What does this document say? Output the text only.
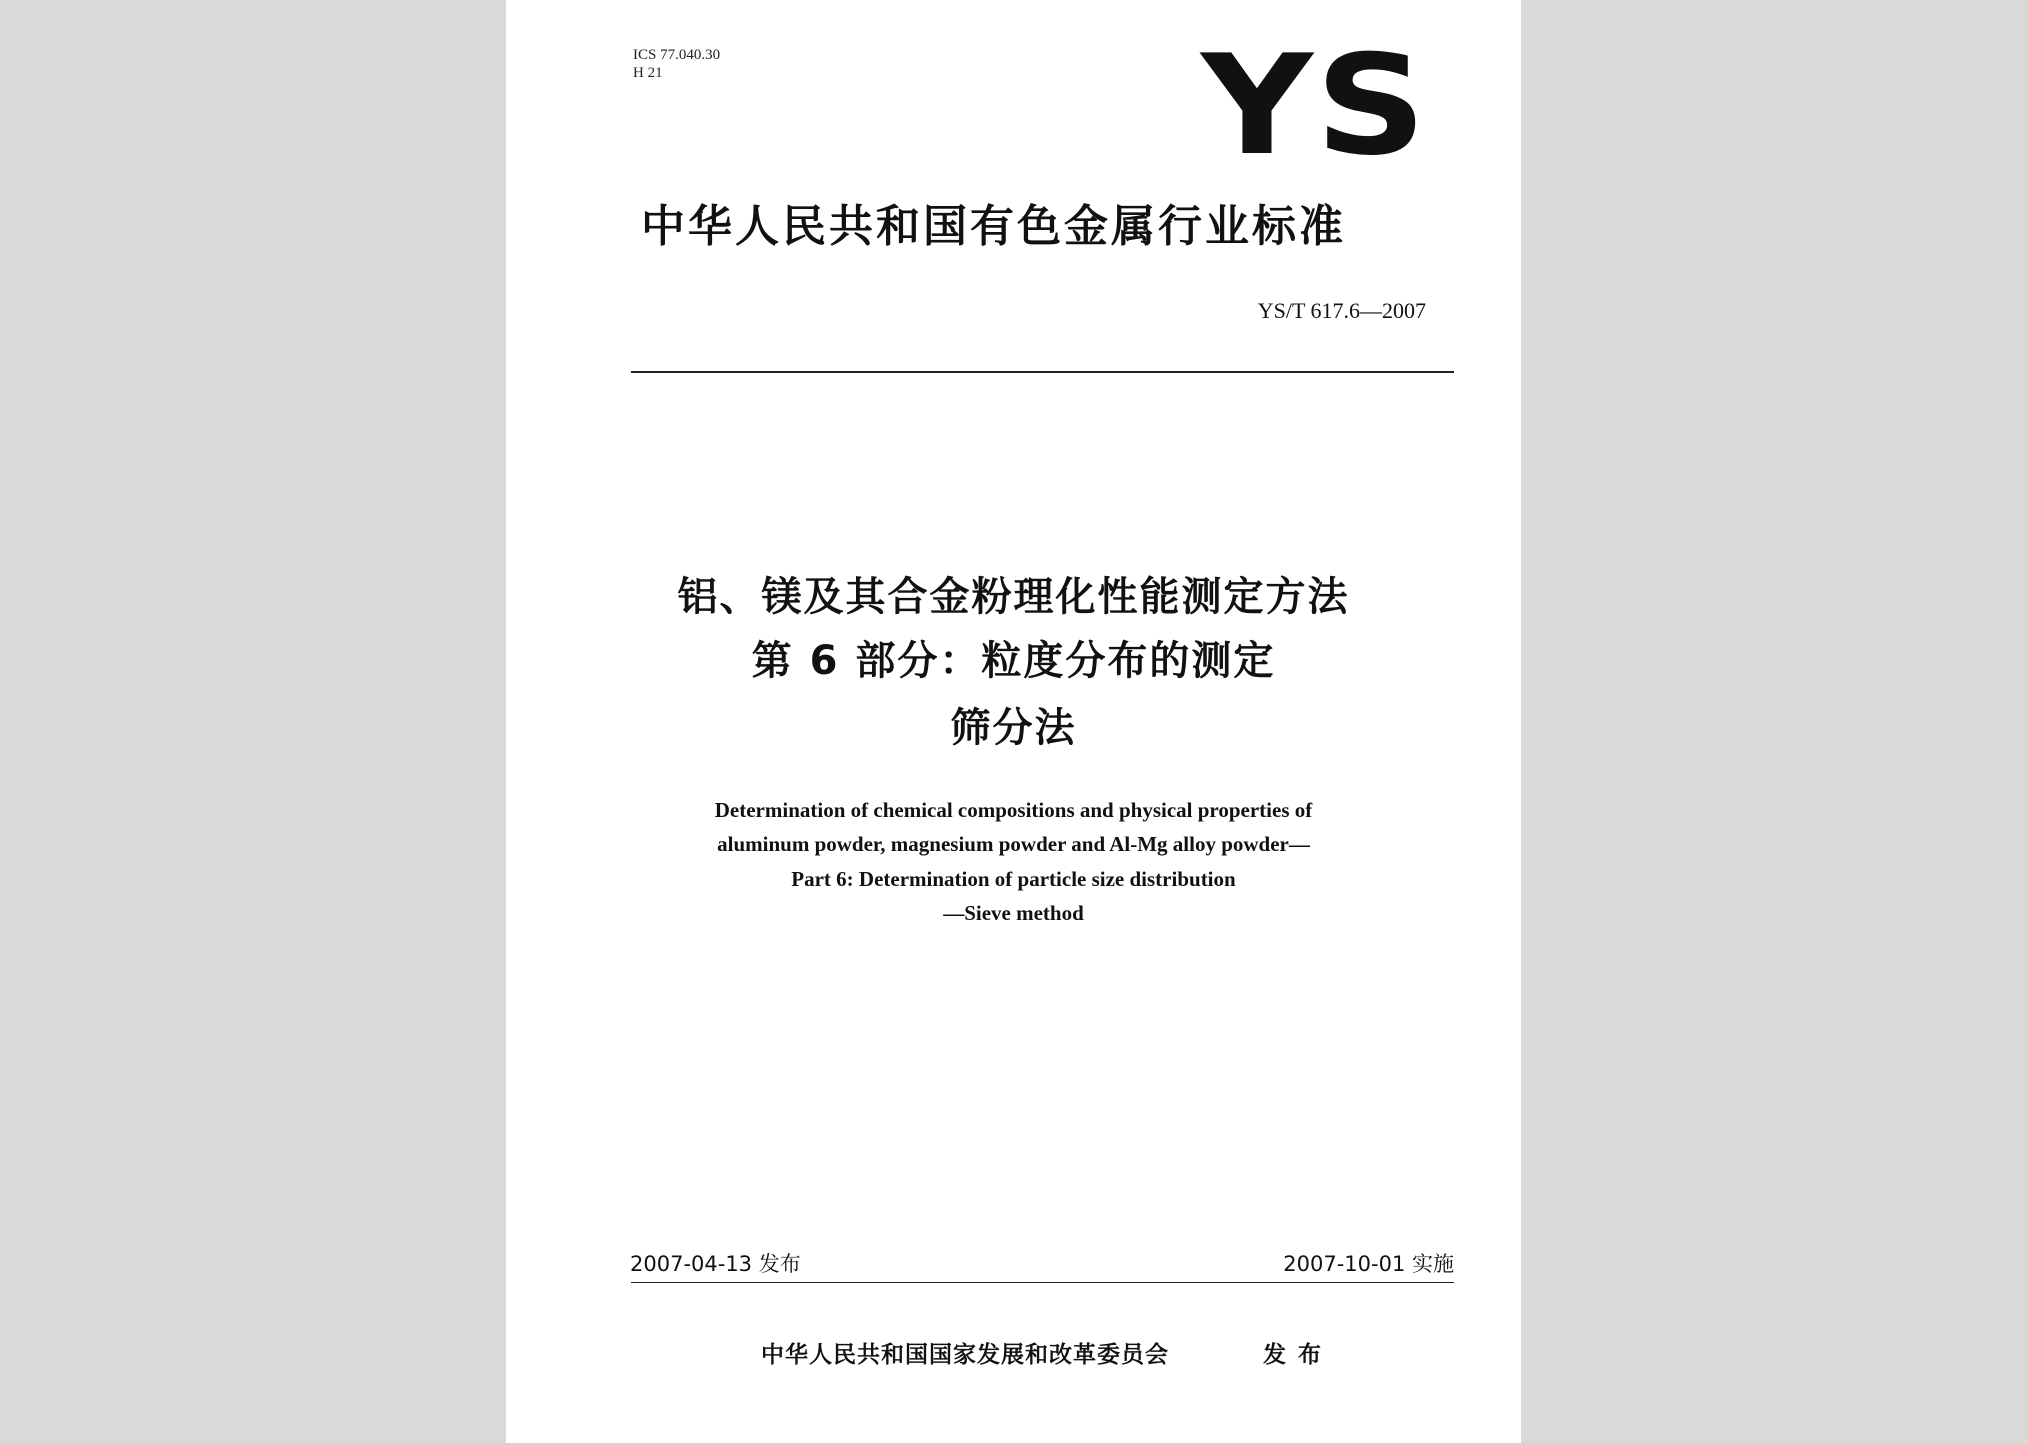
ICS 77.040.30
H 21	YS
中华人民共和国有色金属行业标准
YS/T 617.6—2007
铝、镁及其合金粉理化性能测定方法
第 6 部分：粒度分布的测定
筛分法
Determination of chemical compositions and physical properties of
aluminum powder, magnesium powder and Al-Mg alloy powder—
Part 6: Determination of particle size distribution
—Sieve method
2007-04-13 发布	2007-10-01 实施
中华人民共和国国家发展和改革委员会	发布
